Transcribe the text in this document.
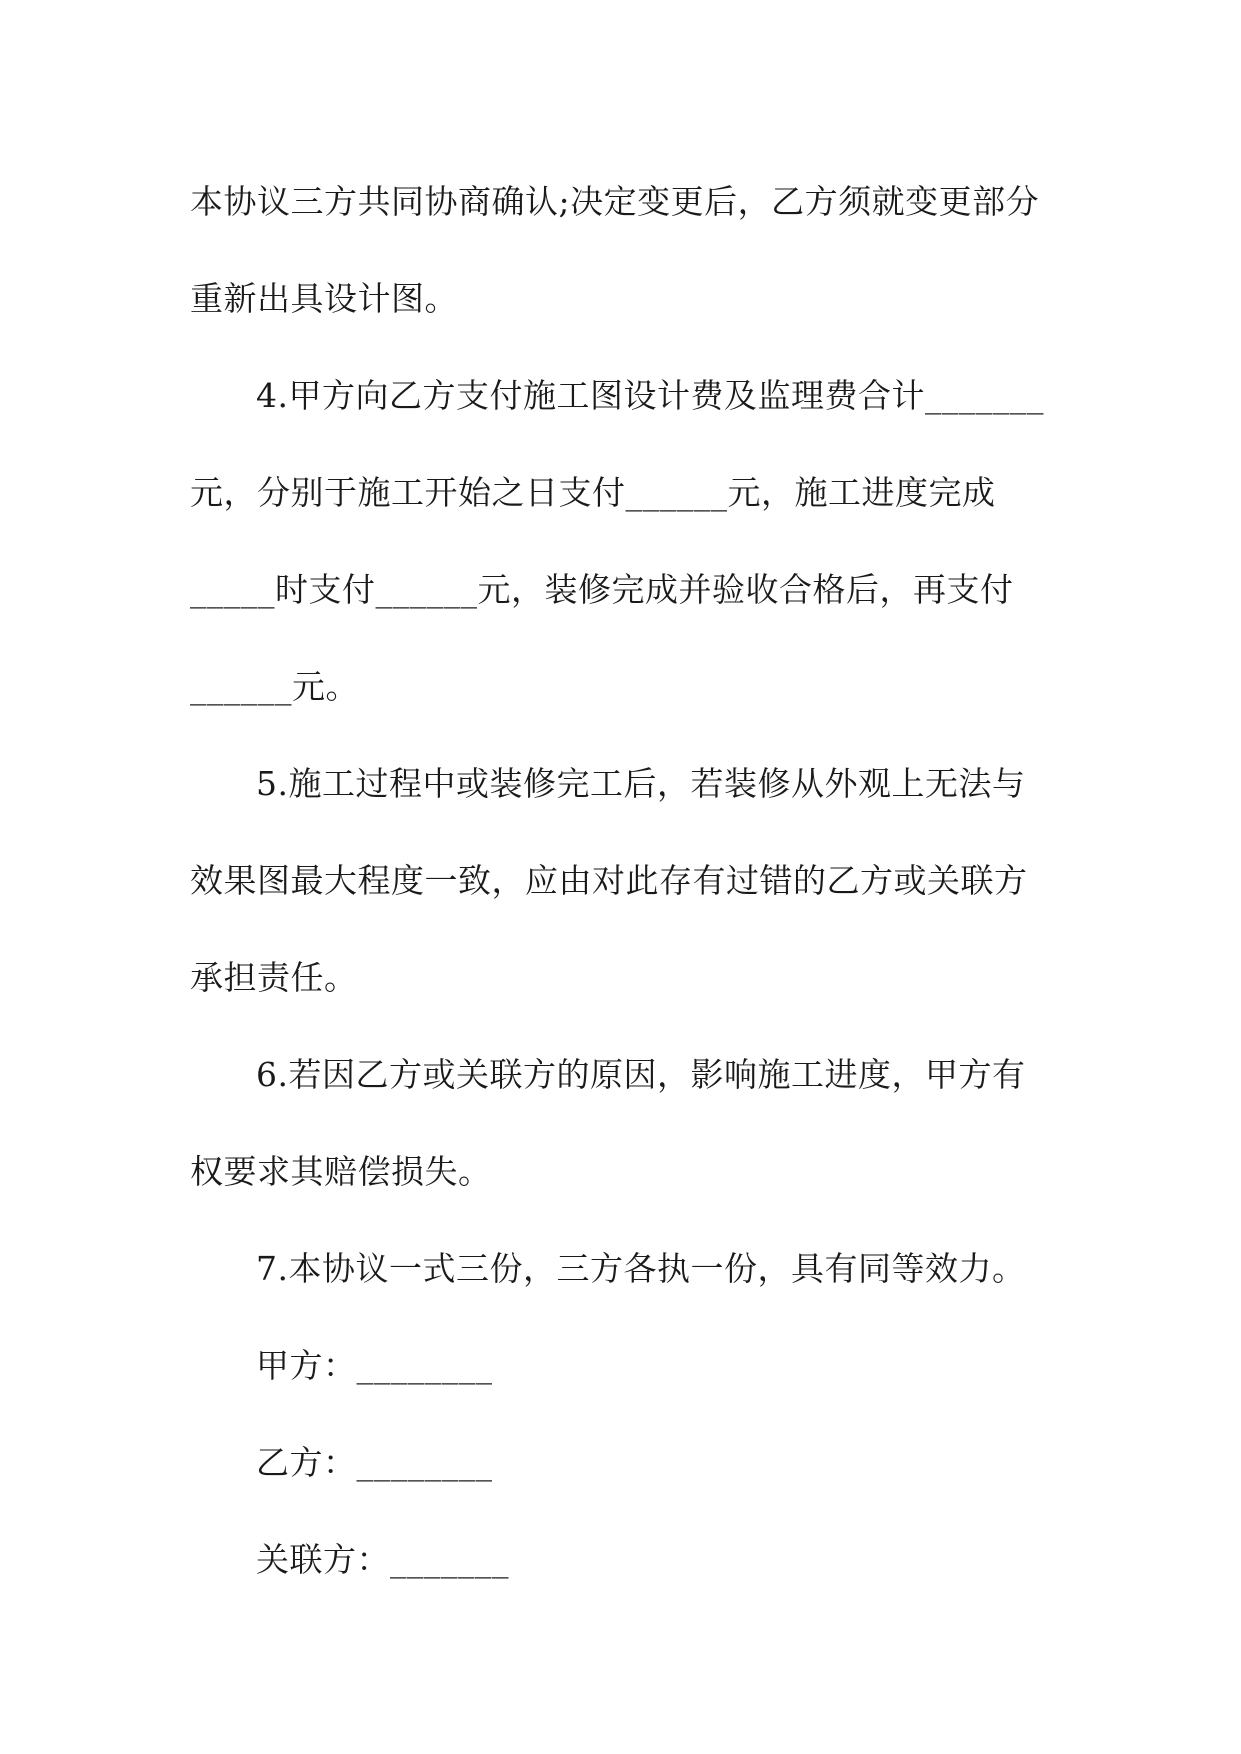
本协议三方共同协商确认;决定变更后，乙方须就变更部分

重新出具设计图。

4.甲方向乙方支付施工图设计费及监理费合计_______

元，分别于施工开始之日支付______元，施工进度完成

_____时支付______元，装修完成并验收合格后，再支付

______元。

5.施工过程中或装修完工后，若装修从外观上无法与

效果图最大程度一致，应由对此存有过错的乙方或关联方

承担责任。

6.若因乙方或关联方的原因，影响施工进度，甲方有

权要求其赔偿损失。

7.本协议一式三份，三方各执一份，具有同等效力。

甲方：________

乙方：________

关联方：_______
